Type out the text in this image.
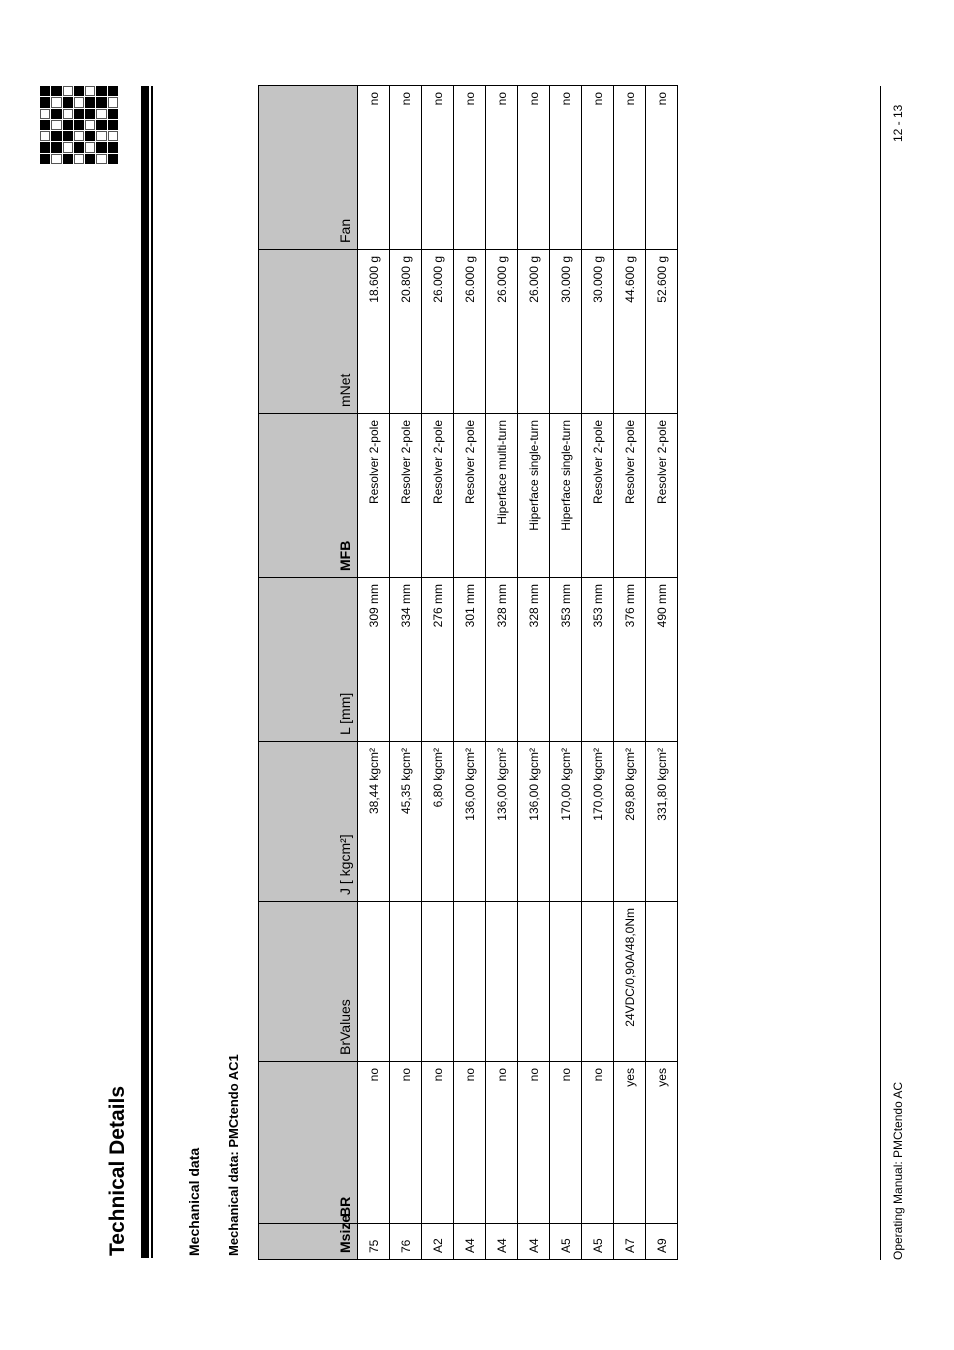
Technical Details	Mechanical data Mechanical data: PMCtendo AC1	Msize	BR	BrValues	J [ kgcm²]	L [mm]	MFB	mNet	Fan
75	no		38,44 kgcm²	309 mm	Resolver 2-pole	18.600 g	no
76	no		45,35 kgcm²	334 mm	Resolver 2-pole	20.800 g	no
A2	no		6,80 kgcm²	276 mm	Resolver 2-pole	26.000 g	no
A4	no		136,00 kgcm²	301 mm	Resolver 2-pole	26.000 g	no
A4	no		136,00 kgcm²	328 mm	Hiperface multi-turn	26.000 g	no
A4	no		136,00 kgcm²	328 mm	Hiperface single-turn	26.000 g	no
A5	no		170,00 kgcm²	353 mm	Hiperface single-turn	30.000 g	no
A5	no		170,00 kgcm²	353 mm	Resolver 2-pole	30.000 g	no
A7	yes	24VDC/0,90A/48,0Nm	269,80 kgcm²	376 mm	Resolver 2-pole	44.600 g	no
A9	yes		331,80 kgcm²	490 mm	Resolver 2-pole	52.600 g	no
Operating Manual: PMCtendo AC
12 - 13
